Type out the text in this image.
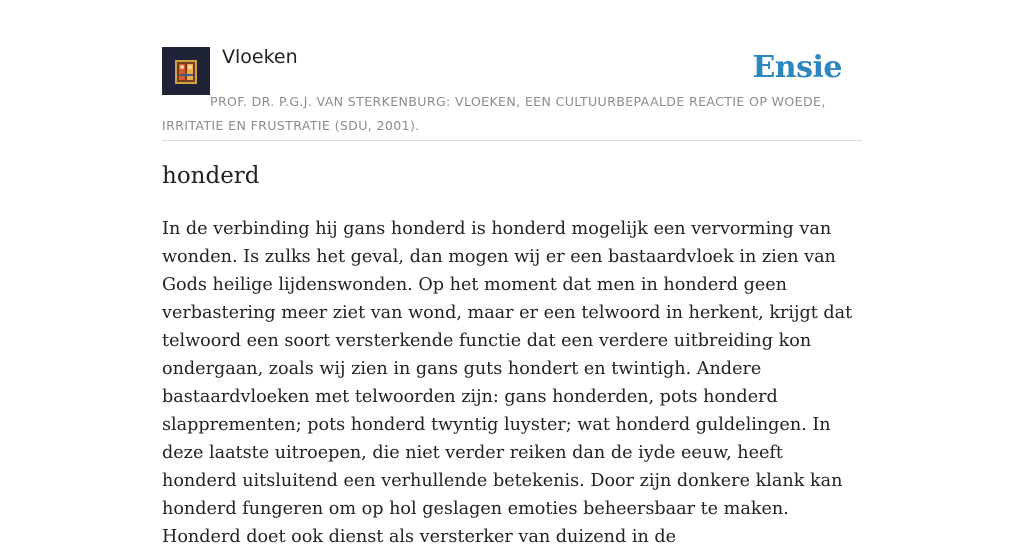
Vloeken	Ensie
PROF. DR. P.G.J. VAN STERKENBURG: VLOEKEN, EEN CULTUURBEPAALDE REACTIE OP WOEDE, IRRITATIE EN FRUSTRATIE (SDU, 2001).
honderd

In de verbinding hij gans honderd is honderd mogelijk een vervorming van wonden. Is zulks het geval, dan mogen wij er een bastaardvloek in zien van Gods heilige lijdenswonden. Op het moment dat men in honderd geen verbastering meer ziet van wond, maar er een telwoord in herkent, krijgt dat telwoord een soort versterkende functie dat een verdere uitbreiding kon ondergaan, zoals wij zien in gans guts hondert en twintigh. Andere bastaardvloeken met telwoorden zijn: gans honderden, pots honderd slapprementen; pots honderd twyntig luyster; wat honderd guldelingen. In deze laatste uitroepen, die niet verder reiken dan de iyde eeuw, heeft honderd uitsluitend een verhullende betekenis. Door zijn donkere klank kan honderd fungeren om op hol geslagen emoties beheersbaar te maken. Honderd doet ook dienst als versterker van duizend in de
